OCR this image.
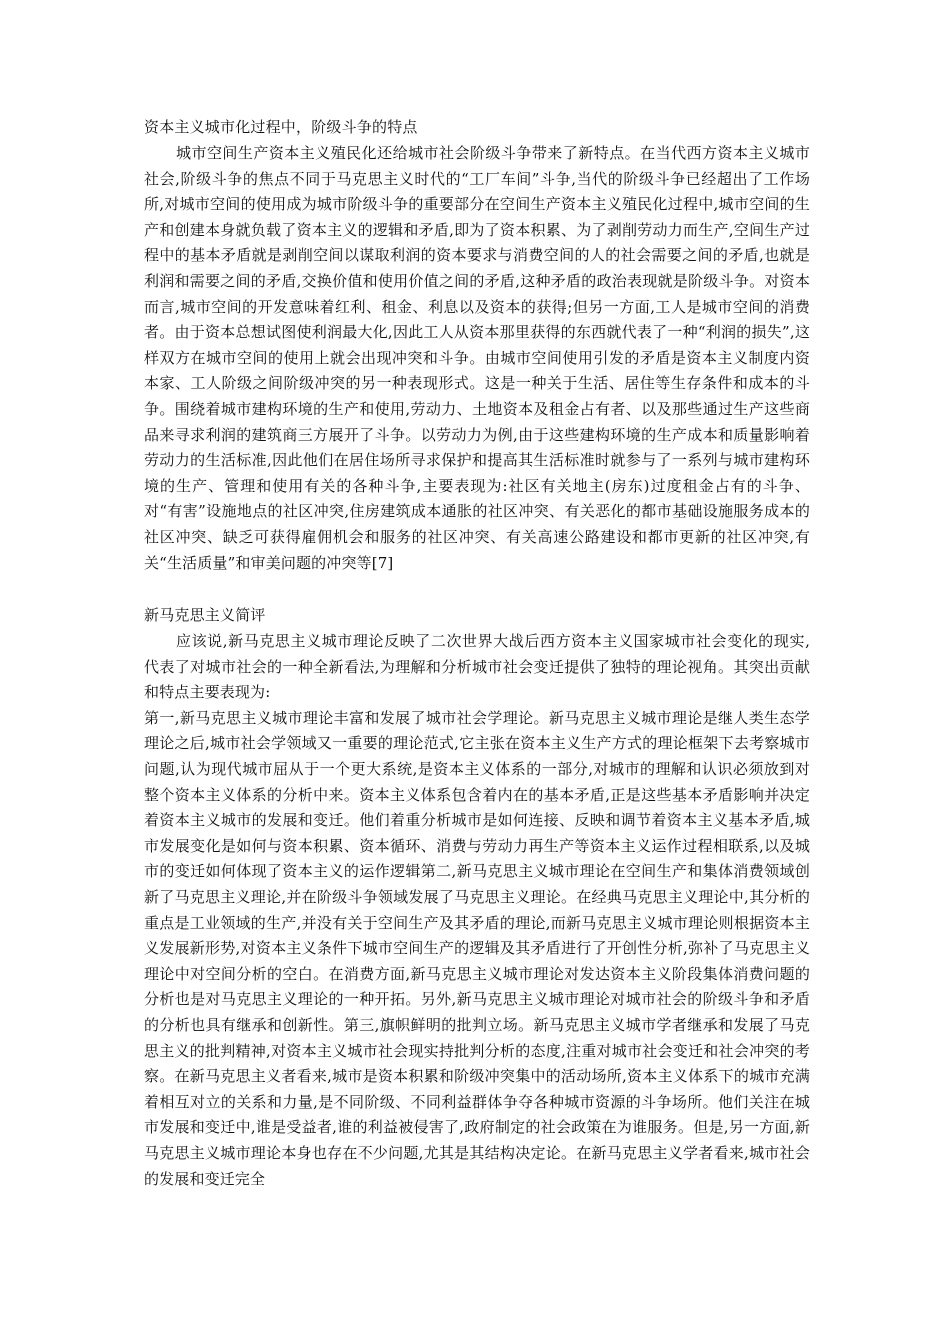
资本主义城市化过程中，阶级斗争的特点

城市空间生产资本主义殖民化还给城市社会阶级斗争带来了新特点。在当代西方资本主义城市社会,阶级斗争的焦点不同于马克思主义时代的“工厂车间”斗争,当代的阶级斗争已经超出了工作场所,对城市空间的使用成为城市阶级斗争的重要部分在空间生产资本主义殖民化过程中,城市空间的生产和创建本身就负载了资本主义的逻辑和矛盾,即为了资本积累、为了剥削劳动力而生产,空间生产过程中的基本矛盾就是剥削空间以谋取利润的资本要求与消费空间的人的社会需要之间的矛盾,也就是利润和需要之间的矛盾,交换价值和使用价值之间的矛盾,这种矛盾的政治表现就是阶级斗争。对资本而言,城市空间的开发意味着红利、租金、利息以及资本的获得;但另一方面,工人是城市空间的消费者。由于资本总想试图使利润最大化,因此工人从资本那里获得的东西就代表了一种“利润的损失”,这样双方在城市空间的使用上就会出现冲突和斗争。由城市空间使用引发的矛盾是资本主义制度内资本家、工人阶级之间阶级冲突的另一种表现形式。这是一种关于生活、居住等生存条件和成本的斗争。围绕着城市建构环境的生产和使用,劳动力、土地资本及租金占有者、以及那些通过生产这些商品来寻求利润的建筑商三方展开了斗争。以劳动力为例,由于这些建构环境的生产成本和质量影响着劳动力的生活标准,因此他们在居住场所寻求保护和提高其生活标准时就参与了一系列与城市建构环境的生产、管理和使用有关的各种斗争,主要表现为:社区有关地主(房东)过度租金占有的斗争、对“有害”设施地点的社区冲突,住房建筑成本通胀的社区冲突、有关恶化的都市基础设施服务成本的社区冲突、缺乏可获得雇佣机会和服务的社区冲突、有关高速公路建设和都市更新的社区冲突,有关“生活质量”和审美问题的冲突等[7]

新马克思主义简评

应该说,新马克思主义城市理论反映了二次世界大战后西方资本主义国家城市社会变化的现实, 代表了对城市社会的一种全新看法,为理解和分析城市社会变迁提供了独特的理论视角。其突出贡献和特点主要表现为:

第一,新马克思主义城市理论丰富和发展了城市社会学理论。新马克思主义城市理论是继人类生态学理论之后,城市社会学领域又一重要的理论范式,它主张在资本主义生产方式的理论框架下去考察城市问题,认为现代城市屈从于一个更大系统,是资本主义体系的一部分,对城市的理解和认识必须放到对整个资本主义体系的分析中来。资本主义体系包含着内在的基本矛盾,正是这些基本矛盾影响并决定着资本主义城市的发展和变迁。他们着重分析城市是如何连接、反映和调节着资本主义基本矛盾,城市发展变化是如何与资本积累、资本循环、消费与劳动力再生产等资本主义运作过程相联系,以及城市的变迁如何体现了资本主义的运作逻辑第二,新马克思主义城市理论在空间生产和集体消费领域创新了马克思主义理论,并在阶级斗争领域发展了马克思主义理论。在经典马克思主义理论中,其分析的重点是工业领域的生产,并没有关于空间生产及其矛盾的理论,而新马克思主义城市理论则根据资本主义发展新形势,对资本主义条件下城市空间生产的逻辑及其矛盾进行了开创性分析,弥补了马克思主义理论中对空间分析的空白。在消费方面,新马克思主义城市理论对发达资本主义阶段集体消费问题的分析也是对马克思主义理论的一种开拓。另外,新马克思主义城市理论对城市社会的阶级斗争和矛盾的分析也具有继承和创新性。第三,旗帜鲜明的批判立场。新马克思主义城市学者继承和发展了马克思主义的批判精神,对资本主义城市社会现实持批判分析的态度,注重对城市社会变迁和社会冲突的考察。在新马克思主义者看来,城市是资本积累和阶级冲突集中的活动场所,资本主义体系下的城市充满着相互对立的关系和力量,是不同阶级、不同利益群体争夺各种城市资源的斗争场所。他们关注在城市发展和变迁中,谁是受益者,谁的利益被侵害了,政府制定的社会政策在为谁服务。但是,另一方面,新马克思主义城市理论本身也存在不少问题,尤其是其结构决定论。在新马克思主义学者看来,城市社会的发展和变迁完全
